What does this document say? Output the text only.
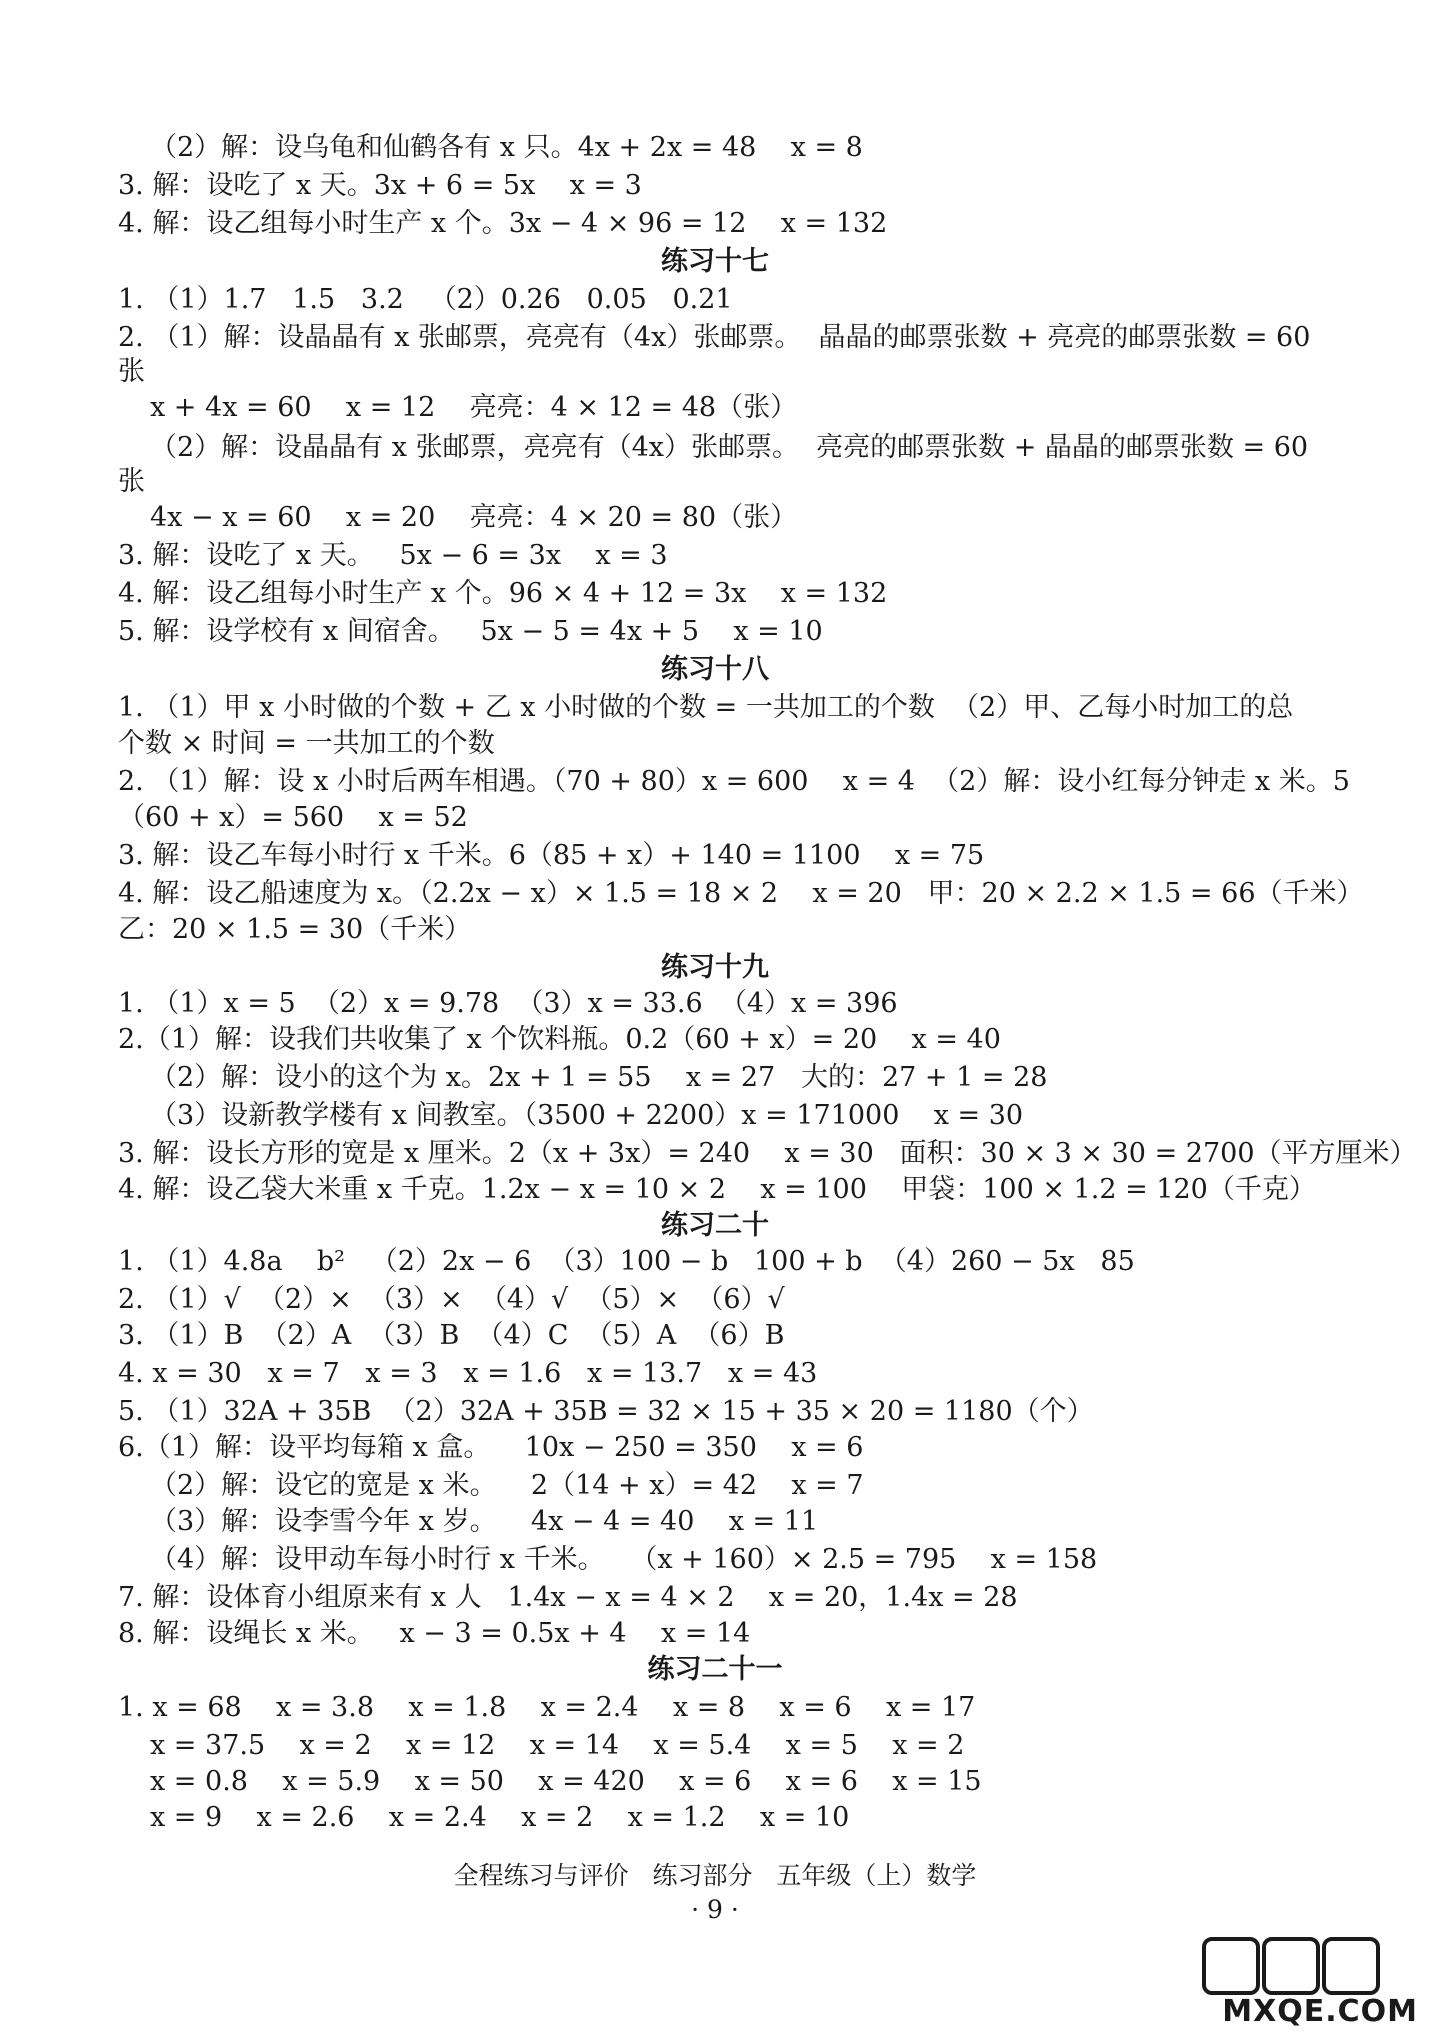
（2）解：设乌龟和仙鹤各有 x 只。4x + 2x = 48    x = 8
3. 解：设吃了 x 天。3x + 6 = 5x    x = 3
4. 解：设乙组每小时生产 x 个。3x − 4 × 96 = 12    x = 132
练习十七
1. （1）1.7   1.5   3.2   （2）0.26   0.05   0.21
2. （1）解：设晶晶有 x 张邮票，亮亮有（4x）张邮票。  晶晶的邮票张数 + 亮亮的邮票张数 = 60
张
x + 4x = 60    x = 12    亮亮：4 × 12 = 48（张）
（2）解：设晶晶有 x 张邮票，亮亮有（4x）张邮票。  亮亮的邮票张数 + 晶晶的邮票张数 = 60
张
4x − x = 60    x = 20    亮亮：4 × 20 = 80（张）
3. 解：设吃了 x 天。   5x − 6 = 3x    x = 3
4. 解：设乙组每小时生产 x 个。96 × 4 + 12 = 3x    x = 132
5. 解：设学校有 x 间宿舍。   5x − 5 = 4x + 5    x = 10
练习十八
1. （1）甲 x 小时做的个数 + 乙 x 小时做的个数 = 一共加工的个数  （2）甲、乙每小时加工的总
个数 × 时间 = 一共加工的个数
2. （1）解：设 x 小时后两车相遇。（70 + 80）x = 600    x = 4  （2）解：设小红每分钟走 x 米。5
（60 + x）= 560    x = 52
3. 解：设乙车每小时行 x 千米。6（85 + x）+ 140 = 1100    x = 75
4. 解：设乙船速度为 x。（2.2x − x）× 1.5 = 18 × 2    x = 20   甲：20 × 2.2 × 1.5 = 66（千米）
乙：20 × 1.5 = 30（千米）
练习十九
1. （1）x = 5  （2）x = 9.78  （3）x = 33.6  （4）x = 396
2.（1）解：设我们共收集了 x 个饮料瓶。0.2（60 + x）= 20    x = 40
（2）解：设小的这个为 x。2x + 1 = 55    x = 27   大的：27 + 1 = 28
（3）设新教学楼有 x 间教室。（3500 + 2200）x = 171000    x = 30
3. 解：设长方形的宽是 x 厘米。2（x + 3x）= 240    x = 30   面积：30 × 3 × 30 = 2700（平方厘米）
4. 解：设乙袋大米重 x 千克。1.2x − x = 10 × 2    x = 100    甲袋：100 × 1.2 = 120（千克）
练习二十
1. （1）4.8a    b²   （2）2x − 6  （3）100 − b   100 + b  （4）260 − 5x   85
2. （1）√  （2）×  （3）×  （4）√  （5）×  （6）√
3. （1）B  （2）A  （3）B  （4）C  （5）A  （6）B
4. x = 30   x = 7   x = 3   x = 1.6   x = 13.7   x = 43
5. （1）32A + 35B  （2）32A + 35B = 32 × 15 + 35 × 20 = 1180（个）
6.（1）解：设平均每箱 x 盒。    10x − 250 = 350    x = 6
（2）解：设它的宽是 x 米。    2（14 + x）= 42    x = 7
（3）解：设李雪今年 x 岁。    4x − 4 = 40    x = 11
（4）解：设甲动车每小时行 x 千米。   （x + 160）× 2.5 = 795    x = 158
7. 解：设体育小组原来有 x 人   1.4x − x = 4 × 2    x = 20，1.4x = 28
8. 解：设绳长 x 米。   x − 3 = 0.5x + 4    x = 14
练习二十一
1. x = 68    x = 3.8    x = 1.8    x = 2.4    x = 8    x = 6    x = 17
x = 37.5    x = 2    x = 12    x = 14    x = 5.4    x = 5    x = 2
x = 0.8    x = 5.9    x = 50    x = 420    x = 6    x = 6    x = 15
x = 9    x = 2.6    x = 2.4    x = 2    x = 1.2    x = 10
全程练习与评价   练习部分   五年级（上）数学
· 9 ·
MXQE.COM
